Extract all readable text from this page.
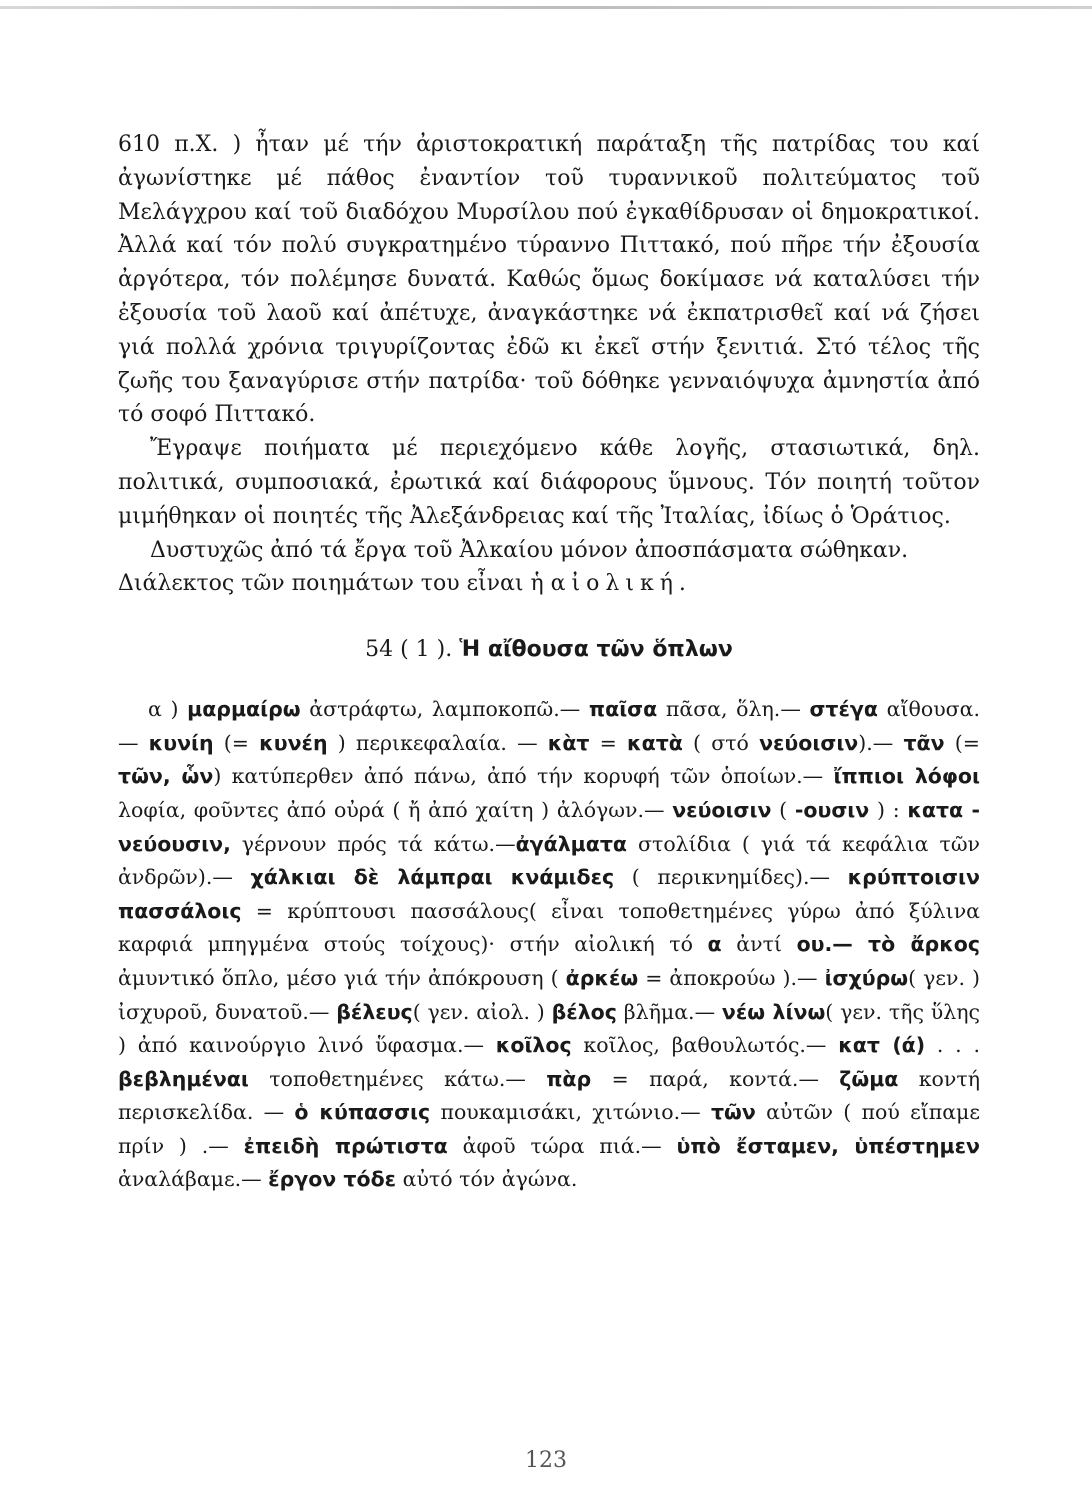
610 π.Χ. ) ἦταν μέ τήν ἀριστοκρατική παράταξη τῆς πατρίδας του καί ἀγωνίστηκε μέ πάθος ἐναντίον τοῦ τυραννικοῦ πολιτεύματος τοῦ Μελάγχρου καί τοῦ διαδόχου Μυρσίλου πού ἐγκαθίδρυσαν οἱ δημοκρατικοί. Ἀλλά καί τόν πολύ συγκρατημένο τύραννο Πιττακό, πού πῆρε τήν ἐξουσία ἀργότερα, τόν πολέμησε δυνατά. Καθώς ὅμως δοκίμασε νά καταλύσει τήν ἐξουσία τοῦ λαοῦ καί ἀπέτυχε, ἀναγκάστηκε νά ἐκπατρισθεῖ καί νά ζήσει γιά πολλά χρόνια τριγυρίζοντας ἐδῶ κι ἐκεῖ στήν ξενιτιά. Στό τέλος τῆς ζωῆς του ξαναγύρισε στήν πατρίδα· τοῦ δόθηκε γενναιόψυχα ἀμνηστία ἀπό τό σοφό Πιττακό.

Ἔγραψε ποιήματα μέ περιεχόμενο κάθε λογῆς, στασιωτικά, δηλ. πολιτικά, συμποσιακά, ἐρωτικά καί διάφορους ὕμνους. Τόν ποιητή τοῦτον μιμήθηκαν οἱ ποιητές τῆς Ἀλεξάνδρειας καί τῆς Ἰταλίας, ἰδίως ὁ Ὁράτιος.

Δυστυχῶς ἀπό τά ἔργα τοῦ Ἀλκαίου μόνον ἀποσπάσματα σώθηκαν.

Διάλεκτος τῶν ποιημάτων του εἶναι ἡ αἰολική.

54 ( 1 ). Ἡ αἴθουσα τῶν ὅπλων

α ) μαρμαίρω ἀστράφτω, λαμποκοπῶ.— παῖσα πᾶσα, ὅλη.— στέγα αἴθουσα.— κυνίη (= κυνέη ) περικεφαλαία. — κὰτ = κατὰ ( στό νεύοισιν).— τᾶν (= τῶν, ὧν) κατύπερθεν ἀπό πάνω, ἀπό τήν κορυφή τῶν ὁποίων.— ἴππιοι λόφοι λοφία, φοῦντες ἀπό οὐρά ( ἤ ἀπό χαίτη ) ἀλόγων.— νεύοισιν ( -ουσιν ) : κατα - νεύουσιν, γέρνουν πρός τά κάτω.—ἀγάλματα στολίδια ( γιά τά κεφάλια τῶν ἀνδρῶν).— χάλκιαι δὲ λάμπραι κνάμιδες ( περικνημίδες).— κρύπτοισιν πασσάλοις = κρύπτουσι πασσάλους( εἶναι τοποθετημένες γύρω ἀπό ξύλινα καρφιά μπηγμένα στούς τοίχους)· στήν αἰολική τό α ἀντί ου.— τὸ ἄρκος ἀμυντικό ὅπλο, μέσο γιά τήν ἀπόκρουση ( ἀρκέω = ἀποκρούω ).— ἰσχύρω( γεν. ) ἰσχυροῦ, δυνατοῦ.— βέλευς( γεν. αἰολ. ) βέλος βλῆμα.— νέω λίνω( γεν. τῆς ὕλης ) ἀπό καινούργιο λινό ὕφασμα.— κοῖλος κοῖλος, βαθουλωτός.— κατ (ά) . . . βεβλημέναι τοποθετημένες κάτω.— πὰρ = παρά, κοντά.— ζῶμα κοντή περισκελίδα. — ὁ κύπασσις πουκαμισάκι, χιτώνιο.— τῶν αὐτῶν ( πού εἴπαμε πρίν ) .— ἐπειδὴ πρώτιστα ἀφοῦ τώρα πιά.— ὑπὸ ἔσταμεν, ὑπέστημεν ἀναλάβαμε.— ἔργον τόδε αὐτό τόν ἀγώνα.

123
